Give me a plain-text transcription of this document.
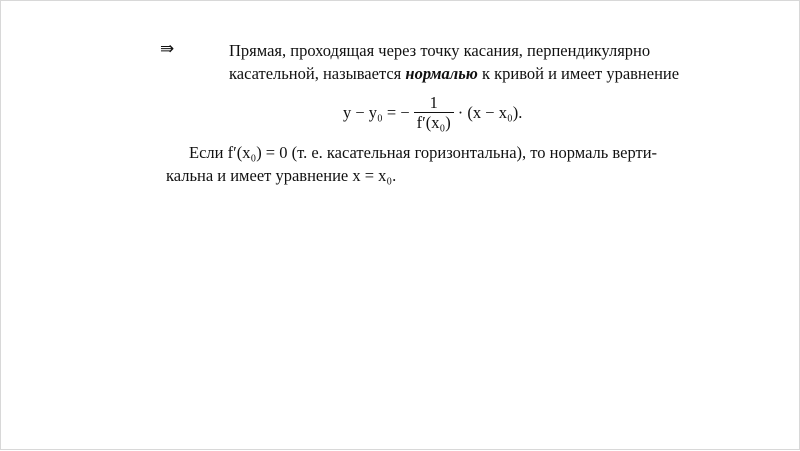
⇛	Прямая, проходящая через точку касания, перпендикулярно
касательной, называется нормалью к кривой и имеет уравнение
y − y₀ = − $\frac{1}{\text{f′(x₀)}} \cdot (x - x_0)$.
Если f′(x₀) = 0 (т. е. касательная горизонтальна), то нормаль верти-
кальна и имеет уравнение x = x₀.
